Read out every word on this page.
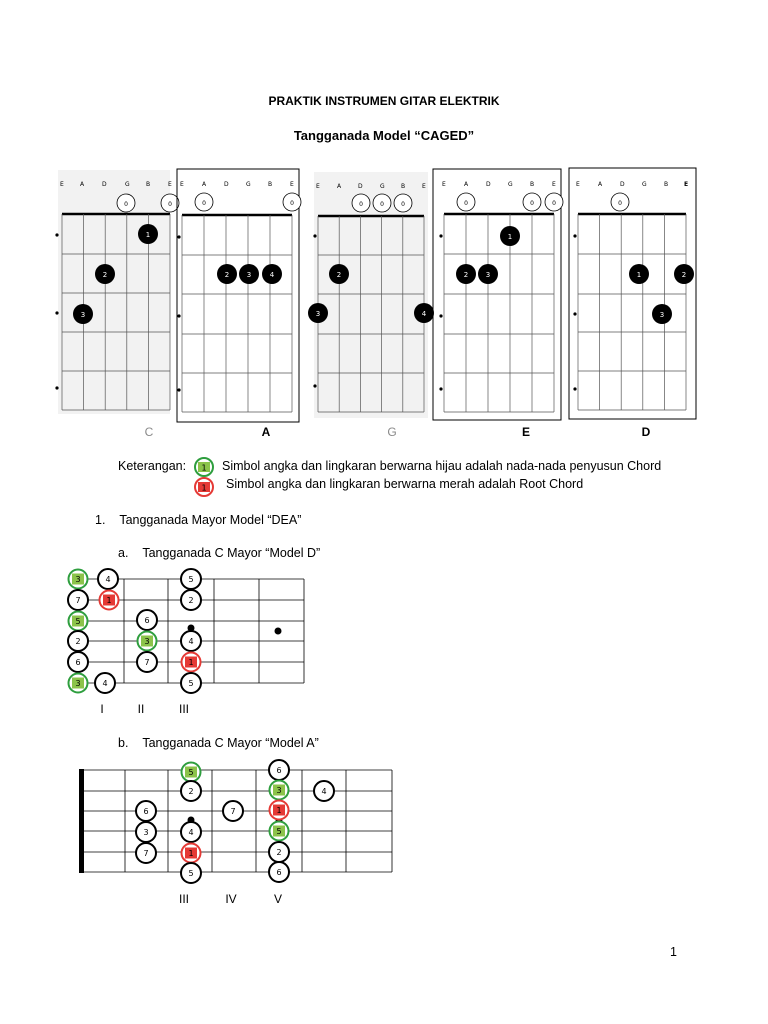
PRAKTIK INSTRUMEN GITAR ELEKTRIK
Tangganada Model “CAGED”
E	A	D	G	B	E
0	0
1
2
3
E	A	D	G	B	E
0	0
2	3	4
E	A	D	G	B	E
0	0	0
2
3	4
E	A	D	G	B	E
0	0	0
1
2	3
E	A	D	G	B	E
0
1	2
3
C	A	G	E	D
Keterangan: 1
1
Simbol angka dan lingkaran berwarna hijau adalah nada-nada penyusun Chord
Simbol angka dan lingkaran berwarna merah adalah Root Chord
1.    Tangganada Mayor Model “DEA”
a.    Tangganada C Mayor “Model D”
3	4	5
7	1	2
5	6
2	3	4
6	7	1
3	4	5
I	II	III
b.    Tangganada C Mayor “Model A”
5	6
2	3	4
6	7	1
3	4	5
7	1	2
5	6
III	IV	V
1
